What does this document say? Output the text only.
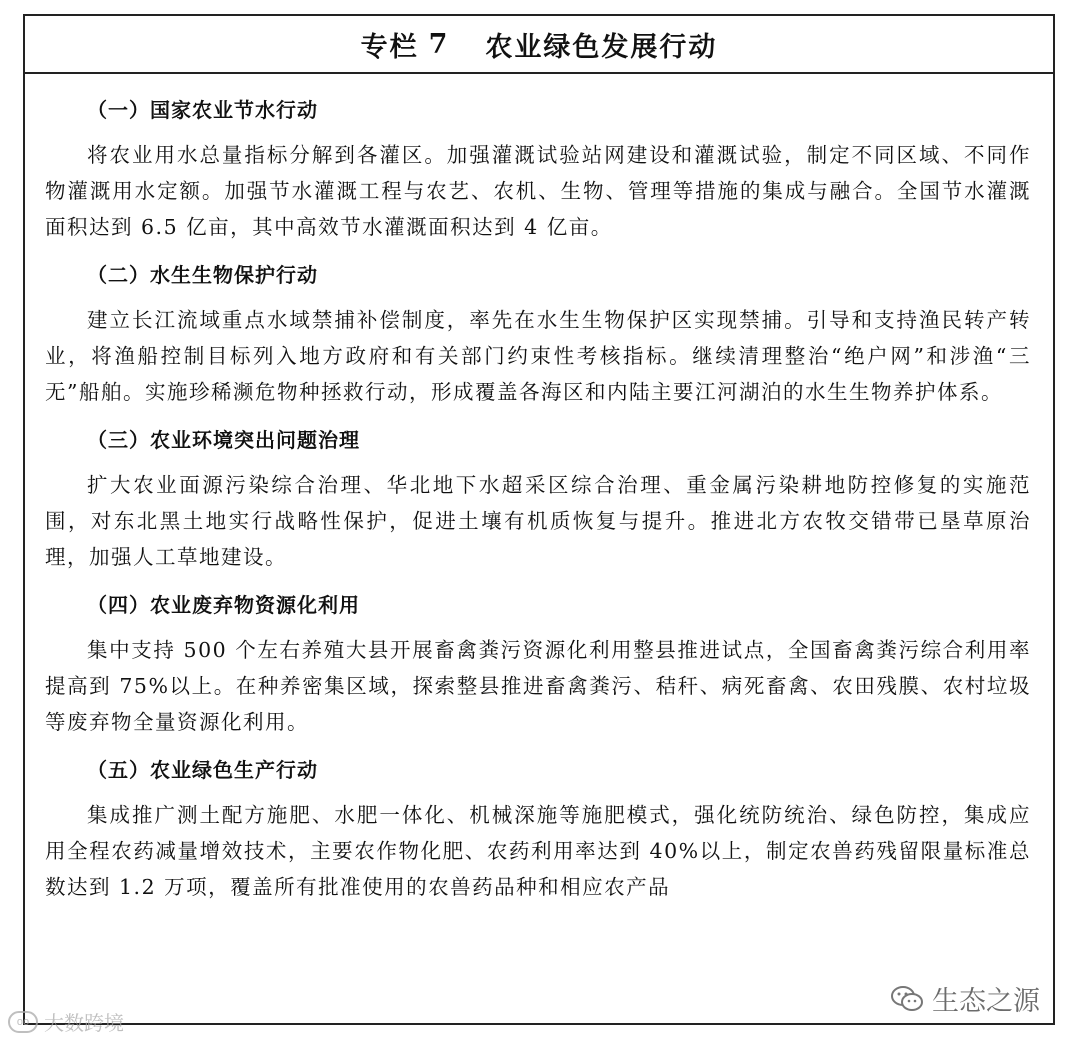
专栏 7 农业绿色发展行动
（一）国家农业节水行动

将农业用水总量指标分解到各灌区。加强灌溉试验站网建设和灌溉试验，制定不同区域、不同作物灌溉用水定额。加强节水灌溉工程与农艺、农机、生物、管理等措施的集成与融合。全国节水灌溉面积达到 6.5 亿亩，其中高效节水灌溉面积达到 4 亿亩。

（二）水生生物保护行动

建立长江流域重点水域禁捕补偿制度，率先在水生生物保护区实现禁捕。引导和支持渔民转产转业，将渔船控制目标列入地方政府和有关部门约束性考核指标。继续清理整治“绝户网”和涉渔“三无”船舶。实施珍稀濒危物种拯救行动，形成覆盖各海区和内陆主要江河湖泊的水生生物养护体系。

（三）农业环境突出问题治理

扩大农业面源污染综合治理、华北地下水超采区综合治理、重金属污染耕地防控修复的实施范围，对东北黑土地实行战略性保护，促进土壤有机质恢复与提升。推进北方农牧交错带已垦草原治理，加强人工草地建设。

（四）农业废弃物资源化利用

集中支持 500 个左右养殖大县开展畜禽粪污资源化利用整县推进试点，全国畜禽粪污综合利用率提高到 75%以上。在种养密集区域，探索整县推进畜禽粪污、秸秆、病死畜禽、农田残膜、农村垃圾等废弃物全量资源化利用。

（五）农业绿色生产行动

集成推广测土配方施肥、水肥一体化、机械深施等施肥模式，强化统防统治、绿色防控，集成应用全程农药减量增效技术，主要农作物化肥、农药利用率达到 40%以上，制定农兽药残留限量标准总数达到 1.2 万项，覆盖所有批准使用的农兽药品种和相应农产品

oo 大数跨境
生态之源
